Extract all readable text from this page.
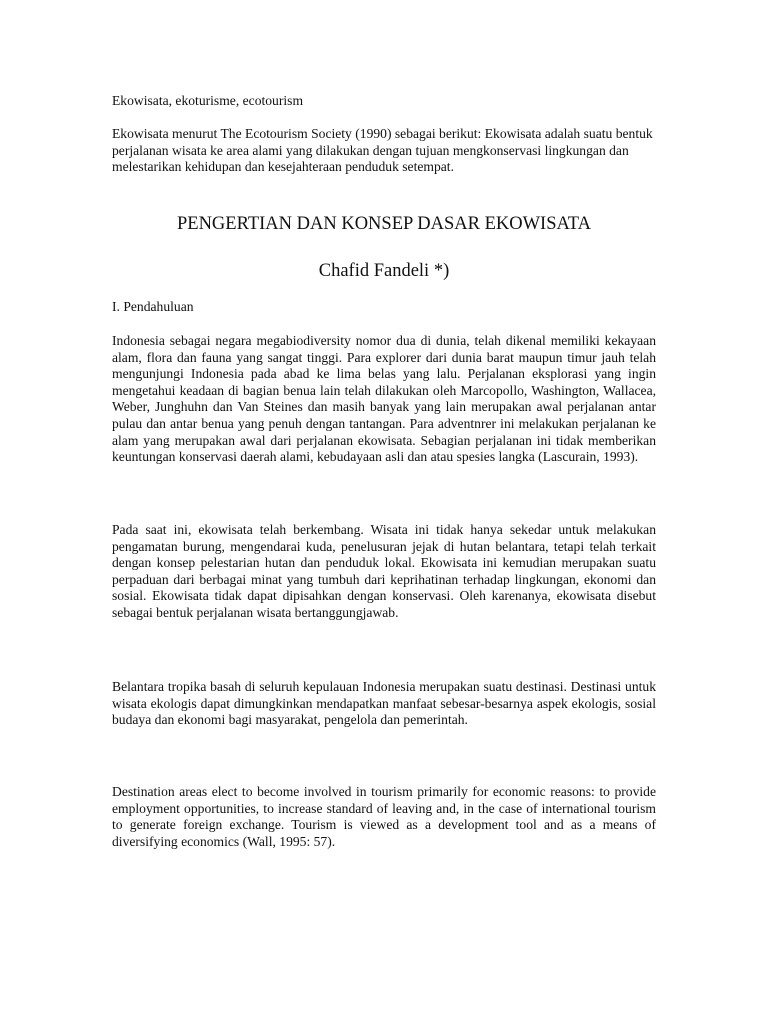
Ekowisata, ekoturisme, ecotourism

Ekowisata menurut The Ecotourism Society (1990) sebagai berikut: Ekowisata adalah suatu bentuk perjalanan wisata ke area alami yang dilakukan dengan tujuan mengkonservasi lingkungan dan melestarikan kehidupan dan kesejahteraan penduduk setempat.

PENGERTIAN DAN KONSEP DASAR EKOWISATA
Chafid Fandeli *)

I. Pendahuluan

Indonesia sebagai negara megabiodiversity nomor dua di dunia, telah dikenal memiliki kekayaan alam, flora dan fauna yang sangat tinggi. Para explorer dari dunia barat maupun timur jauh telah mengunjungi Indonesia pada abad ke lima belas yang lalu. Perjalanan eksplorasi yang ingin mengetahui keadaan di bagian benua lain telah dilakukan oleh Marcopollo, Washington, Wallacea, Weber, Junghuhn dan Van Steines dan masih banyak yang lain merupakan awal perjalanan antar pulau dan antar benua yang penuh dengan tantangan. Para adventnrer ini melakukan perjalanan ke alam yang merupakan awal dari perjalanan ekowisata. Sebagian perjalanan ini tidak memberikan keuntungan konservasi daerah alami, kebudayaan asli dan atau spesies langka (Lascurain, 1993).

Pada saat ini, ekowisata telah berkembang. Wisata ini tidak hanya sekedar untuk melakukan pengamatan burung, mengendarai kuda, penelusuran jejak di hutan belantara, tetapi telah terkait dengan konsep pelestarian hutan dan penduduk lokal. Ekowisata ini kemudian merupakan suatu perpaduan dari berbagai minat yang tumbuh dari keprihatinan terhadap lingkungan, ekonomi dan sosial. Ekowisata tidak dapat dipisahkan dengan konservasi. Oleh karenanya, ekowisata disebut sebagai bentuk perjalanan wisata bertanggungjawab.

Belantara tropika basah di seluruh kepulauan Indonesia merupakan suatu destinasi. Destinasi untuk wisata ekologis dapat dimungkinkan mendapatkan manfaat sebesar-besarnya aspek ekologis, sosial budaya dan ekonomi bagi masyarakat, pengelola dan pemerintah.

Destination areas elect to become involved in tourism primarily for economic reasons: to provide employment opportunities, to increase standard of leaving and, in the case of international tourism to generate foreign exchange. Tourism is viewed as a development tool and as a means of diversifying economics (Wall, 1995: 57).
